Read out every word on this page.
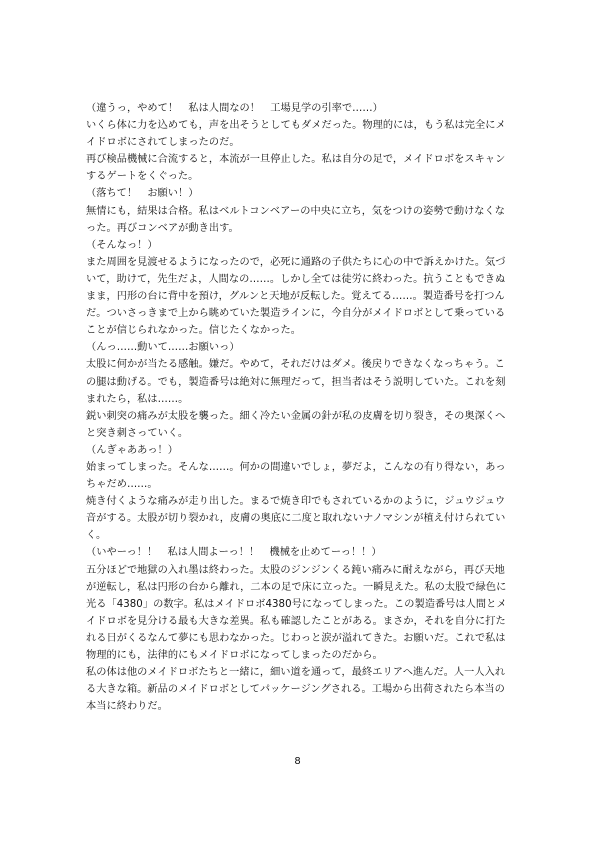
（違うっ，やめて！　私は人間なの！　工場見学の引率で……）
いくら体に力を込めても，声を出そうとしてもダメだった。物理的には，もう私は完全にメ
イドロボにされてしまったのだ。
再び検品機械に合流すると，本流が一旦停止した。私は自分の足で，メイドロボをスキャン
するゲートをくぐった。
（落ちて！　お願い！）
無情にも，結果は合格。私はベルトコンベアーの中央に立ち，気をつけの姿勢で動けなくな
った。再びコンベアが動き出す。
（そんなっ！）
また周囲を見渡せるようになったので，必死に通路の子供たちに心の中で訴えかけた。気づ
いて，助けて，先生だよ，人間なの……。しかし全ては徒労に終わった。抗うこともできぬ
まま，円形の台に背中を預け，グルンと天地が反転した。覚えてる……。製造番号を打つん
だ。ついさっきまで上から眺めていた製造ラインに，今自分がメイドロボとして乗っている
ことが信じられなかった。信じたくなかった。
（んっ……動いて……お願いっ）
太股に何かが当たる感触。嫌だ。やめて，それだけはダメ。後戻りできなくなっちゃう。こ
の腿は動げる。でも，製造番号は絶対に無理だって，担当者はそう説明していた。これを刻
まれたら，私は……。
鋭い刺突の痛みが太股を襲った。細く冷たい金属の針が私の皮膚を切り裂き，その奥深くへ
と突き刺さっていく。
（んぎゃああっ！）
始まってしまった。そんな……。何かの間違いでしょ，夢だよ，こんなの有り得ない，あっ
ちゃだめ……。
焼き付くような痛みが走り出した。まるで焼き印でもされているかのように，ジュウジュウ
音がする。太股が切り裂かれ，皮膚の奥底に二度と取れないナノマシンが植え付けられてい
く。
（いやーっ！！　私は人間よーっ！！　機械を止めてーっ！！）
五分ほどで地獄の入れ墨は終わった。太股のジンジンくる鈍い痛みに耐えながら，再び天地
が逆転し，私は円形の台から離れ，二本の足で床に立った。一瞬見えた。私の太股で緑色に
光る「4380」の数字。私はメイドロボ4380号になってしまった。この製造番号は人間とメ
イドロボを見分ける最も大きな差異。私も確認したことがある。まさか，それを自分に打た
れる日がくるなんて夢にも思わなかった。じわっと涙が溢れてきた。お願いだ。これで私は
物理的にも，法律的にもメイドロボになってしまったのだから。
私の体は他のメイドロボたちと一緒に，細い道を通って，最終エリアへ進んだ。人一人入れ
る大きな箱。新品のメイドロボとしてパッケージングされる。工場から出荷されたら本当の
本当に終わりだ。
8
